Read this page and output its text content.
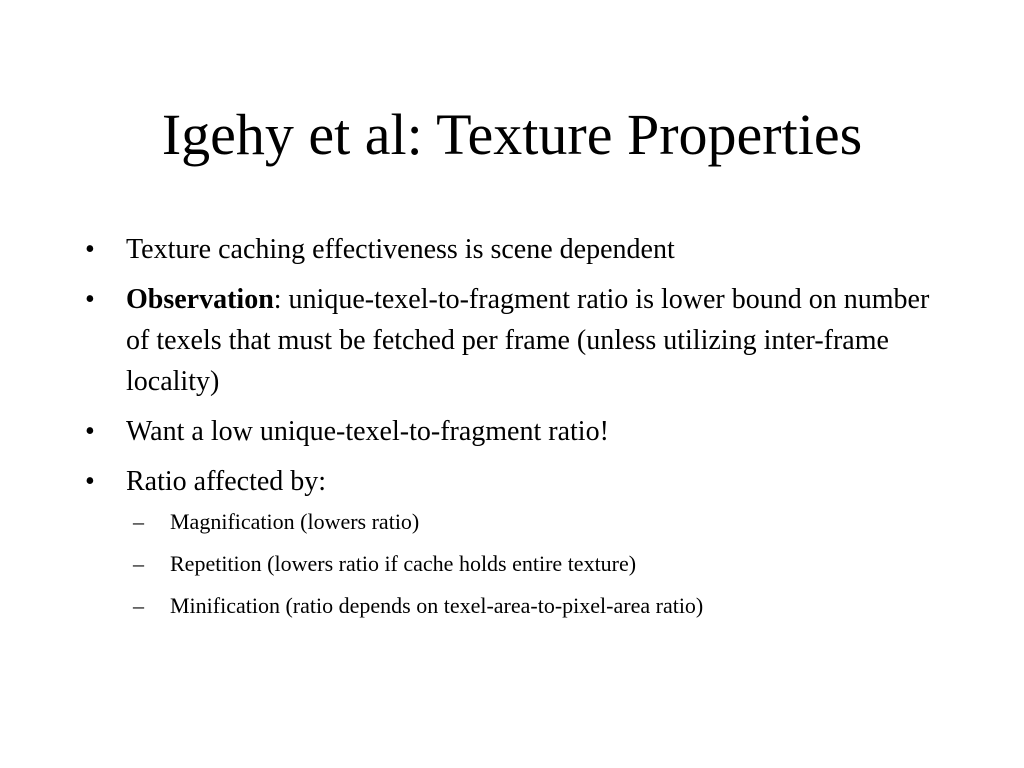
Igehy et al: Texture Properties
•	Texture caching effectiveness is scene dependent
•	Observation: unique-texel-to-fragment ratio is lower bound on number of texels that must be fetched per frame (unless utilizing inter-frame locality)
•	Want a low unique-texel-to-fragment ratio!
•	Ratio affected by:
– Magnification (lowers ratio)
– Repetition (lowers ratio if cache holds entire texture)
– Minification (ratio depends on texel-area-to-pixel-area ratio)
